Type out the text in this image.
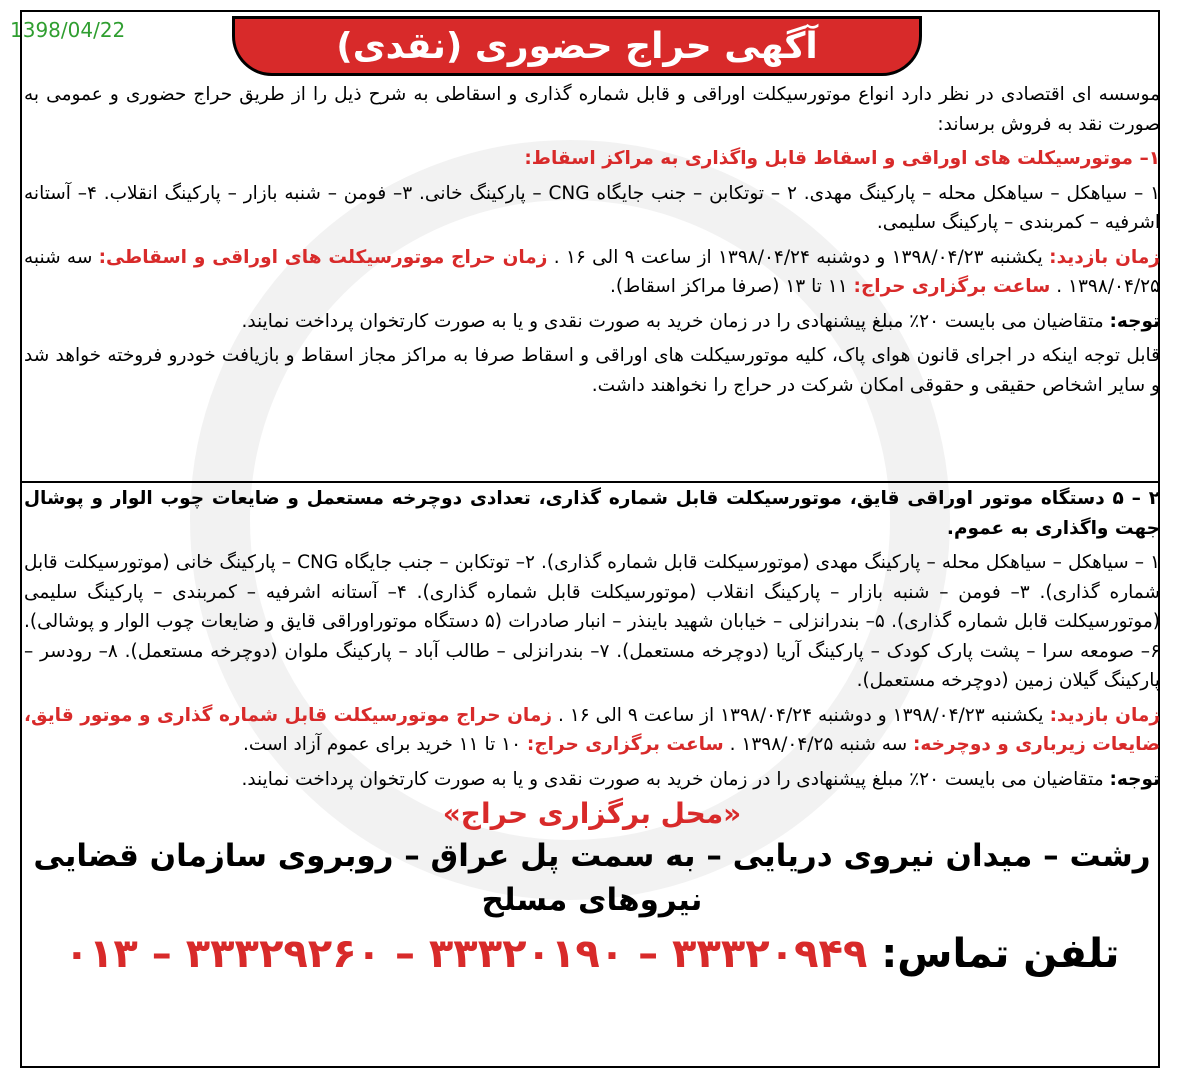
1398/04/22	آگهی حراج حضوری (نقدی)

موسسه ای اقتصادی در نظر دارد انواع موتورسیکلت اوراقی و قابل شماره گذاری و اسقاطی به شرح ذیل را از طریق حراج حضوری و عمومی به صورت نقد به فروش برساند:

۱– موتورسیکلت های اوراقی و اسقاط قابل واگذاری به مراکز اسقاط:

۱ – سیاهکل – سیاهکل محله – پارکینگ مهدی. ۲ – توتکابن – جنب جایگاه CNG – پارکینگ خانی. ۳– فومن – شنبه بازار – پارکینگ انقلاب. ۴– آستانه اشرفیه – کمربندی – پارکینگ سلیمی.

زمان بازدید: یکشنبه ۱۳۹۸/۰۴/۲۳ و دوشنبه ۱۳۹۸/۰۴/۲۴ از ساعت ۹ الی ۱۶ . زمان حراج موتورسیکلت های اوراقی و اسقاطی: سه شنبه ۱۳۹۸/۰۴/۲۵ . ساعت برگزاری حراج: ۱۱ تا ۱۳ (صرفا مراکز اسقاط).

توجه: متقاضیان می بایست ۲۰٪ مبلغ پیشنهادی را در زمان خرید به صورت نقدی و یا به صورت کارتخوان پرداخت نمایند.

قابل توجه اینکه در اجرای قانون هوای پاک، کلیه موتورسیکلت های اوراقی و اسقاط صرفا به مراکز مجاز اسقاط و بازیافت خودرو فروخته خواهد شد و سایر اشخاص حقیقی و حقوقی امکان شرکت در حراج را نخواهند داشت.

۲ – ۵ دستگاه موتور اوراقی قایق، موتورسیکلت قابل شماره گذاری، تعدادی دوچرخه مستعمل و ضایعات چوب الوار و پوشال جهت واگذاری به عموم.

۱ – سیاهکل – سیاهکل محله – پارکینگ مهدی (موتورسیکلت قابل شماره گذاری). ۲– توتکابن – جنب جایگاه CNG – پارکینگ خانی (موتورسیکلت قابل شماره گذاری). ۳– فومن – شنبه بازار – پارکینگ انقلاب (موتورسیکلت قابل شماره گذاری). ۴– آستانه اشرفیه – کمربندی – پارکینگ سلیمی (موتورسیکلت قابل شماره گذاری). ۵– بندرانزلی – خیابان شهید باینذر – انبار صادرات (۵ دستگاه موتوراوراقی قایق و ضایعات چوب الوار و پوشالی). ۶– صومعه سرا – پشت پارک کودک – پارکینگ آریا (دوچرخه مستعمل). ۷– بندرانزلی – طالب آباد – پارکینگ ملوان (دوچرخه مستعمل). ۸– رودسر – پارکینگ گیلان زمین (دوچرخه مستعمل).

زمان بازدید: یکشنبه ۱۳۹۸/۰۴/۲۳ و دوشنبه ۱۳۹۸/۰۴/۲۴ از ساعت ۹ الی ۱۶ . زمان حراج موتورسیکلت قابل شماره گذاری و موتور قایق، ضایعات زیرباری و دوچرخه: سه شنبه ۱۳۹۸/۰۴/۲۵ . ساعت برگزاری حراج: ۱۰ تا ۱۱ خرید برای عموم آزاد است.

توجه: متقاضیان می بایست ۲۰٪ مبلغ پیشنهادی را در زمان خرید به صورت نقدی و یا به صورت کارتخوان پرداخت نمایند.

«محل برگزاری حراج»

رشت – میدان نیروی دریایی – به سمت پل عراق – روبروی سازمان قضایی نیروهای مسلح

تلفن تماس: ۳۳۳۲۰۹۴۹ – ۳۳۳۲۰۱۹۰ – ۳۳۳۲۹۲۶۰ – ۰۱۳
